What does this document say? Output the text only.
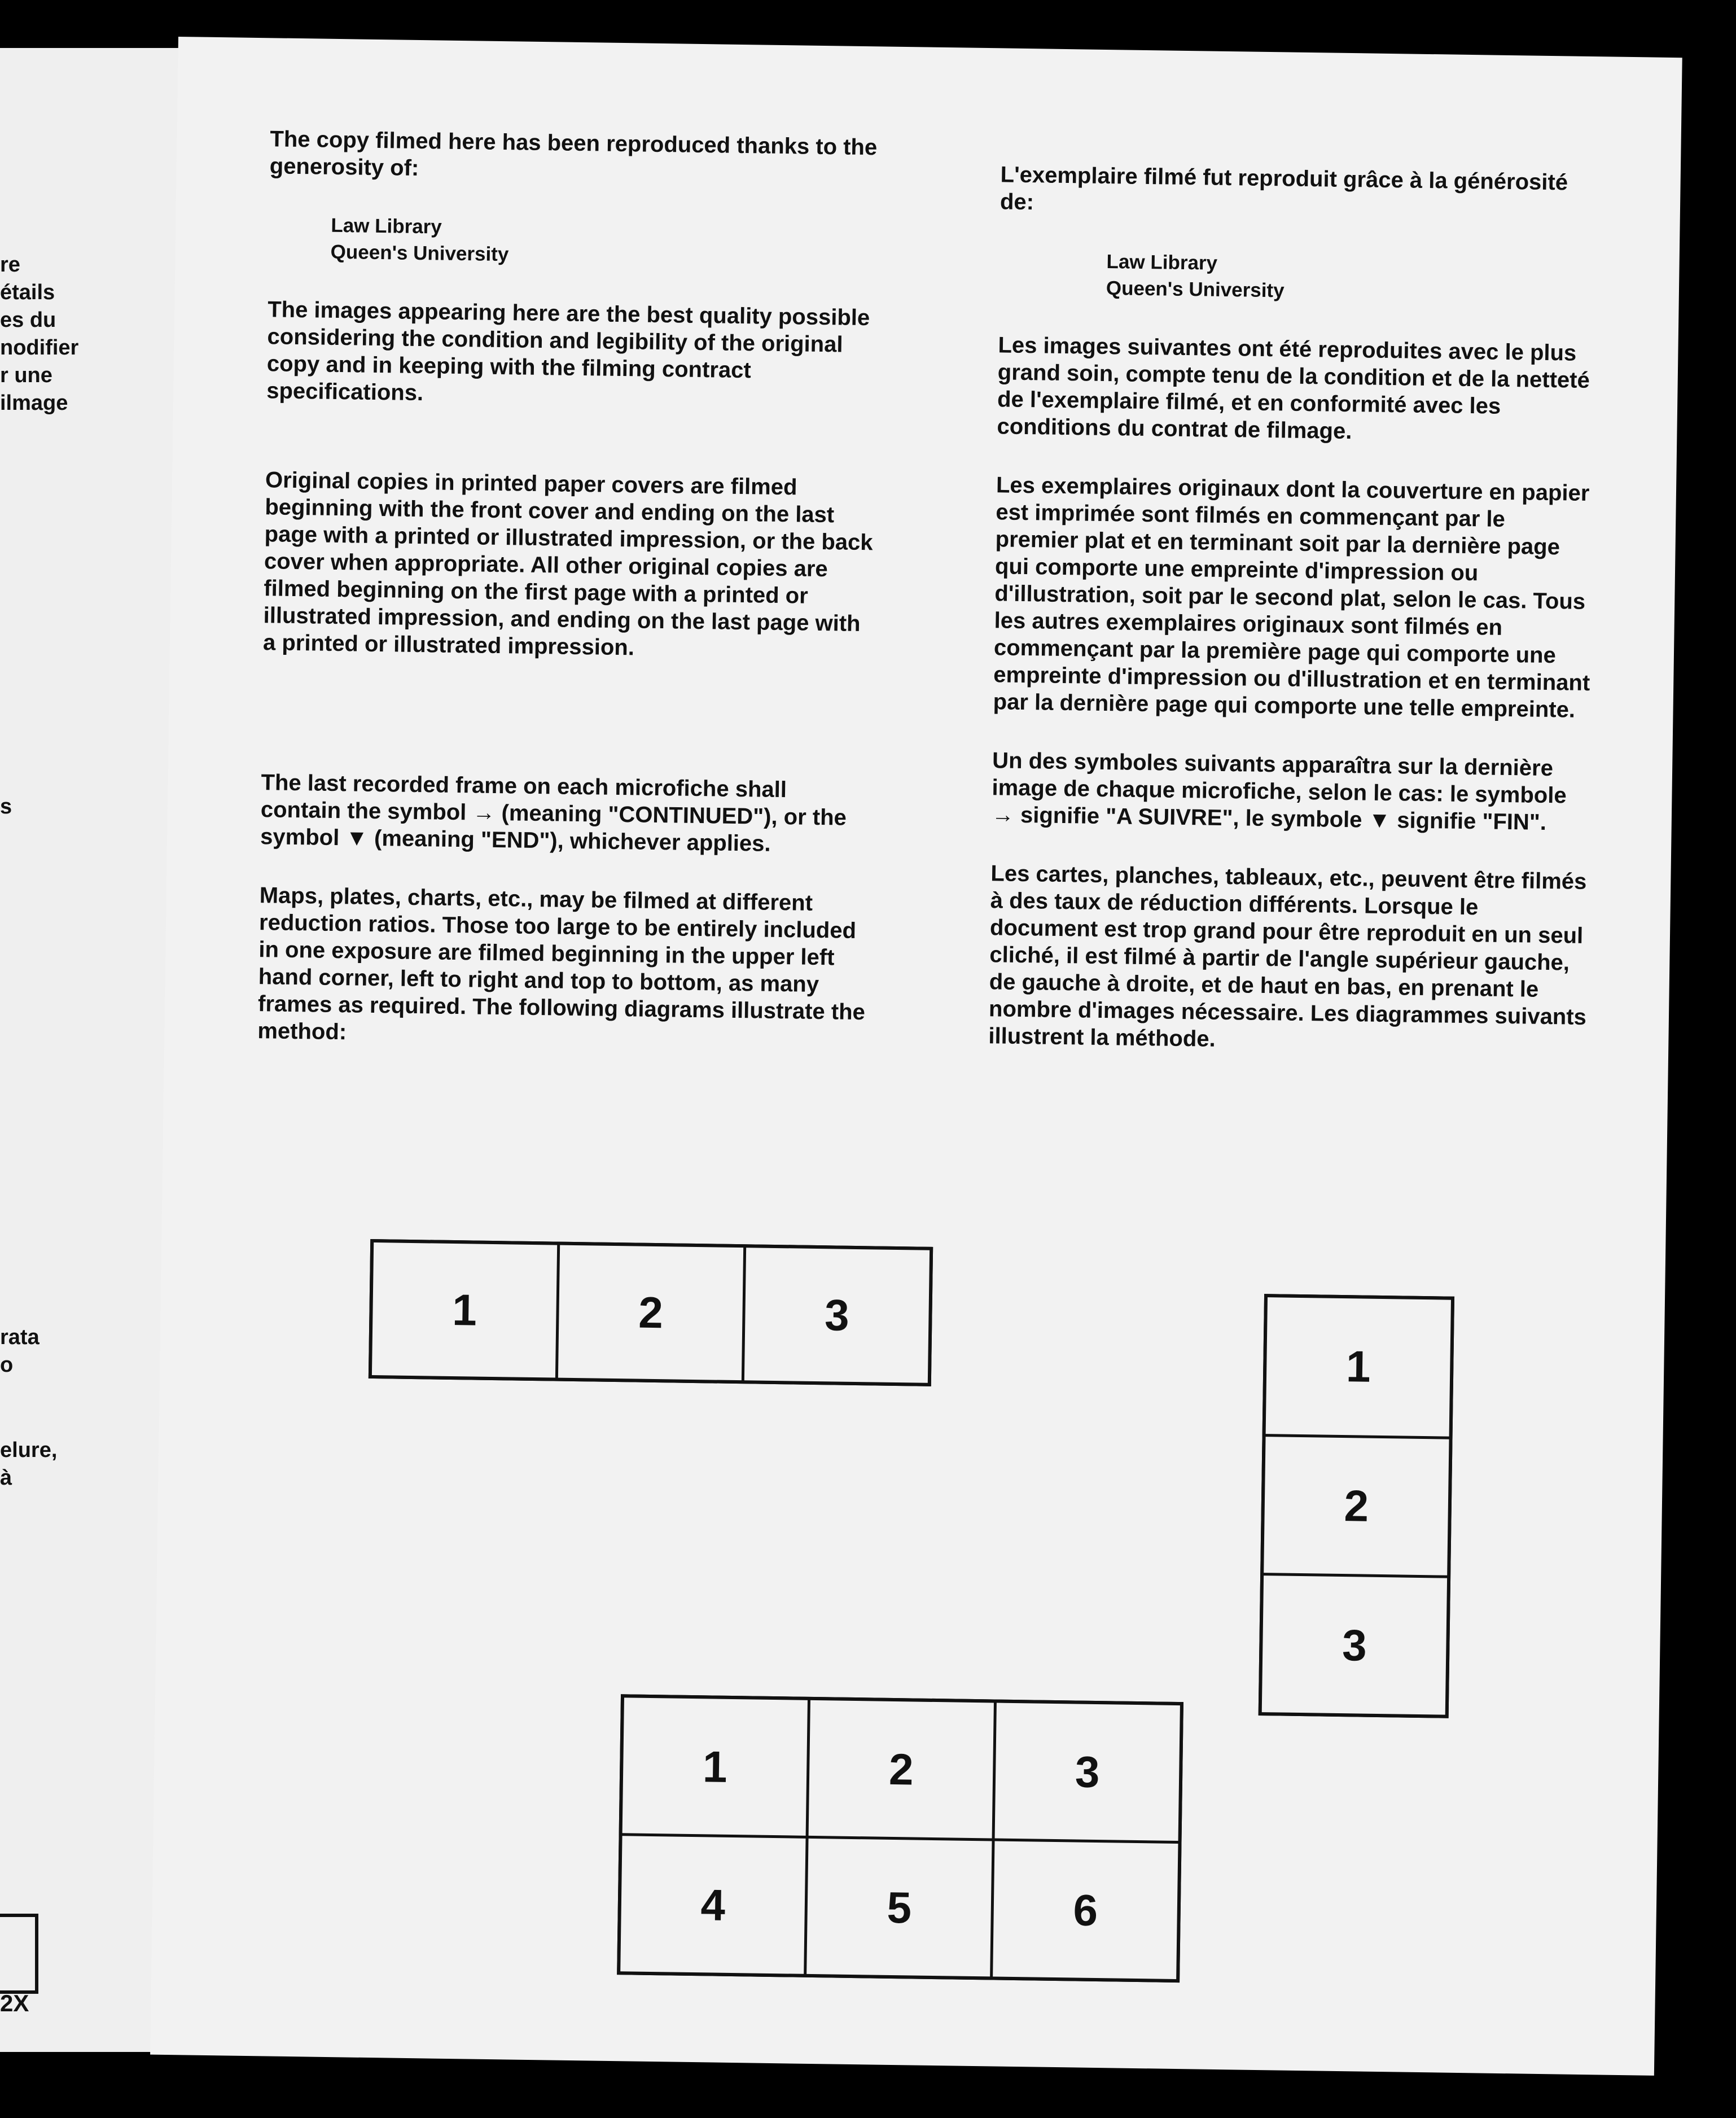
re
étails
es du
nodifier
r une
ilmage
s
rata
o
elure,
à
2X

The copy filmed here has been reproduced thanks to the generosity of:

Law Library
Queen's University

The images appearing here are the best quality possible considering the condition and legibility of the original copy and in keeping with the filming contract specifications.

Original copies in printed paper covers are filmed beginning with the front cover and ending on the last page with a printed or illustrated impression, or the back cover when appropriate. All other original copies are filmed beginning on the first page with a printed or illustrated impression, and ending on the last page with a printed or illustrated impression.

The last recorded frame on each microfiche shall contain the symbol → (meaning "CONTINUED"), or the symbol ▼ (meaning "END"), whichever applies.

Maps, plates, charts, etc., may be filmed at different reduction ratios. Those too large to be entirely included in one exposure are filmed beginning in the upper left hand corner, left to right and top to bottom, as many frames as required. The following diagrams illustrate the method:

L'exemplaire filmé fut reproduit grâce à la générosité de:

Law Library
Queen's University

Les images suivantes ont été reproduites avec le plus grand soin, compte tenu de la condition et de la netteté de l'exemplaire filmé, et en conformité avec les conditions du contrat de filmage.

Les exemplaires originaux dont la couverture en papier est imprimée sont filmés en commençant par le premier plat et en terminant soit par la dernière page qui comporte une empreinte d'impression ou d'illustration, soit par le second plat, selon le cas. Tous les autres exemplaires originaux sont filmés en commençant par la première page qui comporte une empreinte d'impression ou d'illustration et en terminant par la dernière page qui comporte une telle empreinte.

Un des symboles suivants apparaîtra sur la dernière image de chaque microfiche, selon le cas: le symbole → signifie "A SUIVRE", le symbole ▼ signifie "FIN".

Les cartes, planches, tableaux, etc., peuvent être filmés à des taux de réduction différents. Lorsque le document est trop grand pour être reproduit en un seul cliché, il est filmé à partir de l'angle supérieur gauche, de gauche à droite, et de haut en bas, en prenant le nombre d'images nécessaire. Les diagrammes suivants illustrent la méthode.

1	2	3
1
2
3
1	2	3
4	5	6
